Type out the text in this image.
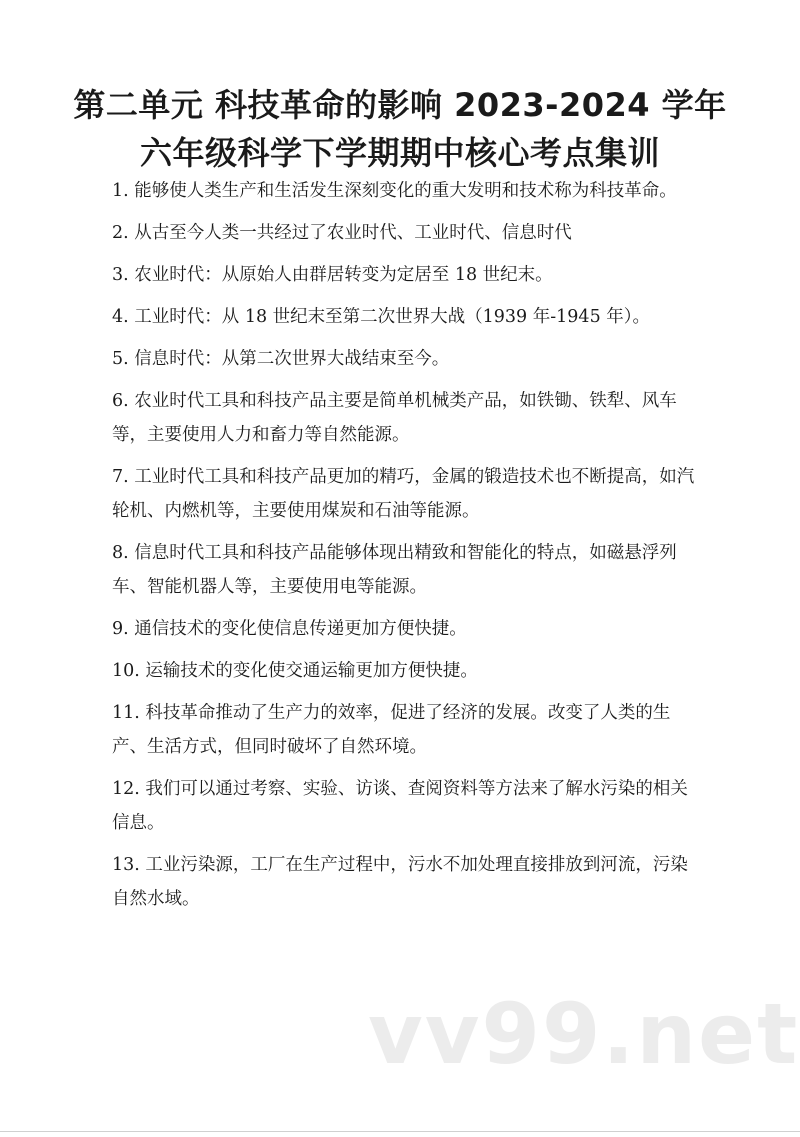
第二单元 科技革命的影响 2023-2024 学年
六年级科学下学期期中核心考点集训
1. 能够使人类生产和生活发生深刻变化的重大发明和技术称为科技革命。
2. 从古至今人类一共经过了农业时代、工业时代、信息时代
3. 农业时代：从原始人由群居转变为定居至 18 世纪末。
4. 工业时代：从 18 世纪末至第二次世界大战（1939 年-1945 年）。
5. 信息时代：从第二次世界大战结束至今。
6. 农业时代工具和科技产品主要是简单机械类产品，如铁锄、铁犁、风车等，主要使用人力和畜力等自然能源。
7. 工业时代工具和科技产品更加的精巧，金属的锻造技术也不断提高，如汽轮机、内燃机等，主要使用煤炭和石油等能源。
8. 信息时代工具和科技产品能够体现出精致和智能化的特点，如磁悬浮列车、智能机器人等，主要使用电等能源。
9. 通信技术的变化使信息传递更加方便快捷。
10. 运输技术的变化使交通运输更加方便快捷。
11. 科技革命推动了生产力的效率，促进了经济的发展。改变了人类的生产、生活方式，但同时破坏了自然环境。
12. 我们可以通过考察、实验、访谈、查阅资料等方法来了解水污染的相关信息。
13. 工业污染源，工厂在生产过程中，污水不加处理直接排放到河流，污染自然水域。
vv99.net
